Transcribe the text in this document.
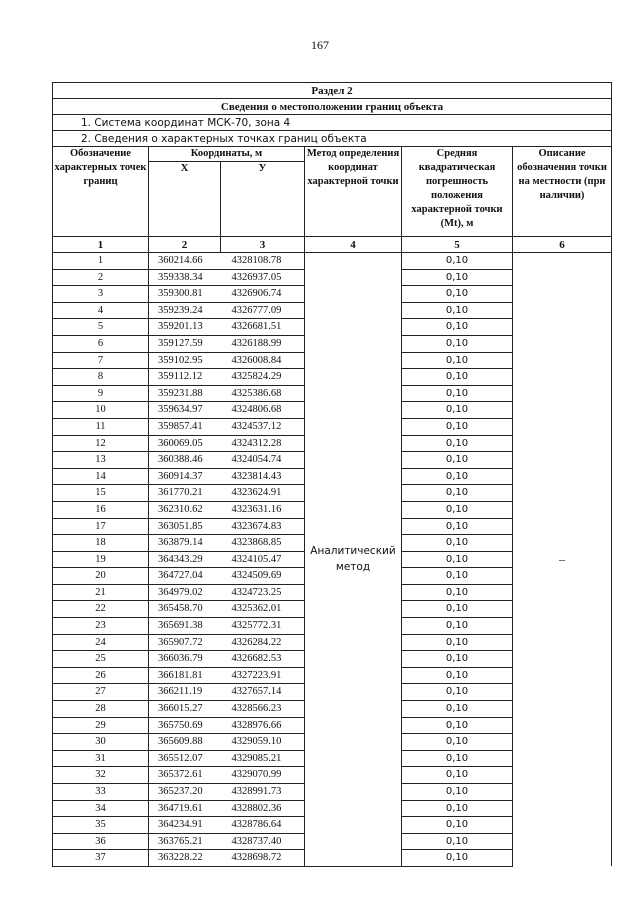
167
Раздел 2					
Сведения о местоположении границ объекта					
1. Система координат МСК-70, зона 4					
2. Сведения о характерных точках границ объекта					
Обозначение характерных точек границ	Координаты, м		Метод определения координат характерной точки	Средняя квадратическая погрешность положения характерной точки (Mt), м	Описание обозначения точки на местности (при наличии)
	Х	У			
1	2	3	4	5	6
1	360214.66	4328108.78	Аналитический метод	0,10	–
2	359338.34	4326937.05		0,10	
3	359300.81	4326906.74		0,10	
4	359239.24	4326777.09		0,10	
5	359201.13	4326681.51		0,10	
6	359127.59	4326188.99		0,10	
7	359102.95	4326008.84		0,10	
8	359112.12	4325824.29		0,10	
9	359231.88	4325386.68		0,10	
10	359634.97	4324806.68		0,10	
11	359857.41	4324537.12		0,10	
12	360069.05	4324312.28		0,10	
13	360388.46	4324054.74		0,10	
14	360914.37	4323814.43		0,10	
15	361770.21	4323624.91		0,10	
16	362310.62	4323631.16		0,10	
17	363051.85	4323674.83		0,10	
18	363879.14	4323868.85		0,10	
19	364343.29	4324105.47		0,10	
20	364727.04	4324509.69		0,10	
21	364979.02	4324723.25		0,10	
22	365458.70	4325362.01		0,10	
23	365691.38	4325772.31		0,10	
24	365907.72	4326284.22		0,10	
25	366036.79	4326682.53		0,10	
26	366181.81	4327223.91		0,10	
27	366211.19	4327657.14		0,10	
28	366015.27	4328566.23		0,10	
29	365750.69	4328976.66		0,10	
30	365609.88	4329059.10		0,10	
31	365512.07	4329085.21		0,10	
32	365372.61	4329070.99		0,10	
33	365237.20	4328991.73		0,10	
34	364719.61	4328802.36		0,10	
35	364234.91	4328786.64		0,10	
36	363765.21	4328737.40		0,10	
37	363228.22	4328698.72		0,10	
